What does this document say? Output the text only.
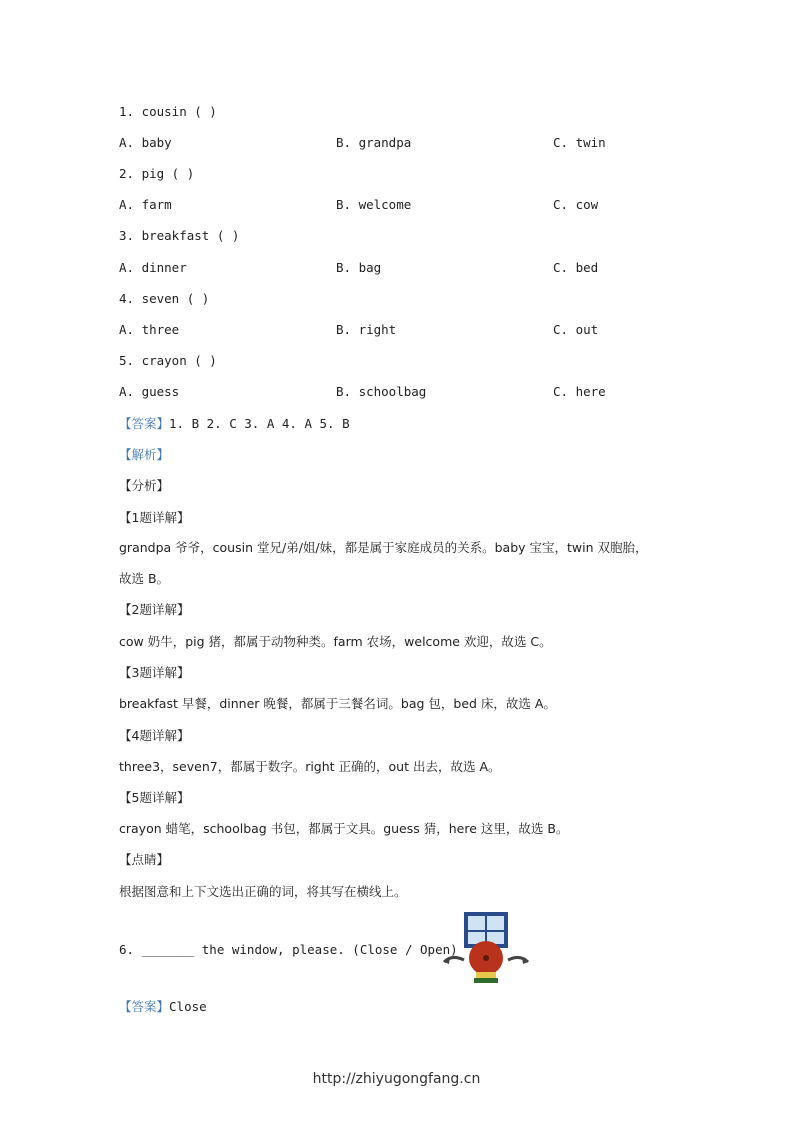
1. cousin ( )
A. baby	B. grandpa	C. twin
2. pig ( )
A. farm	B. welcome	C. cow
3. breakfast ( )
A. dinner	B. bag	C. bed
4. seven ( )
A. three	B. right	C. out
5. crayon ( )
A. guess	B. schoolbag	C. here
【答案】1. B 2. C 3. A 4. A 5. B
【解析】
【分析】
【1题详解】
grandpa 爷爷，cousin 堂兄/弟/姐/妹，都是属于家庭成员的关系。baby 宝宝，twin 双胞胎，
故选 B。
【2题详解】
cow 奶牛，pig 猪，都属于动物种类。farm 农场，welcome 欢迎，故选 C。
【3题详解】
breakfast 早餐，dinner 晚餐，都属于三餐名词。bag 包，bed 床，故选 A。
【4题详解】
three3，seven7，都属于数字。right 正确的，out 出去，故选 A。
【5题详解】
crayon 蜡笔，schoolbag 书包，都属于文具。guess 猜，here 这里，故选 B。
【点睛】
根据图意和上下文选出正确的词，将其写在横线上。
6. _______ the window, please. (Close / Open)
【答案】Close
http://zhiyugongfang.cn
